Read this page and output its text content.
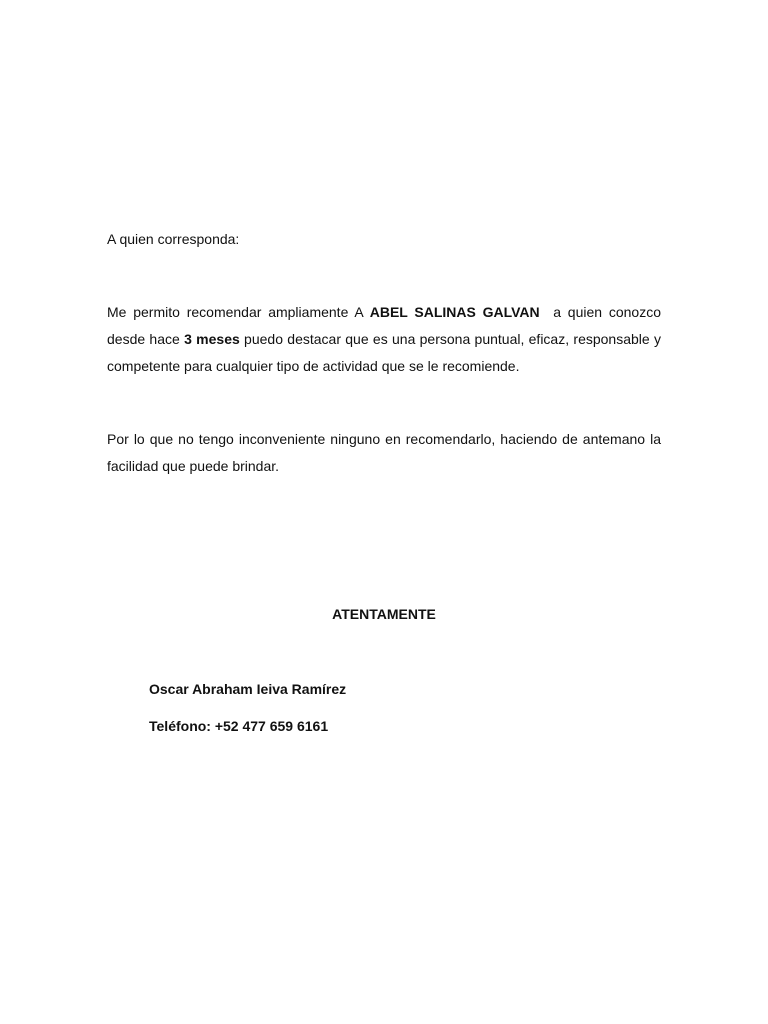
A quien corresponda:

Me permito recomendar ampliamente A ABEL SALINAS GALVAN  a quien conozco desde hace 3 meses puedo destacar que es una persona puntual, eficaz, responsable y competente para cualquier tipo de actividad que se le recomiende.

Por lo que no tengo inconveniente ninguno en recomendarlo, haciendo de antemano la facilidad que puede brindar.

ATENTAMENTE

Oscar Abraham Ieiva Ramírez

Teléfono: +52 477 659 6161
